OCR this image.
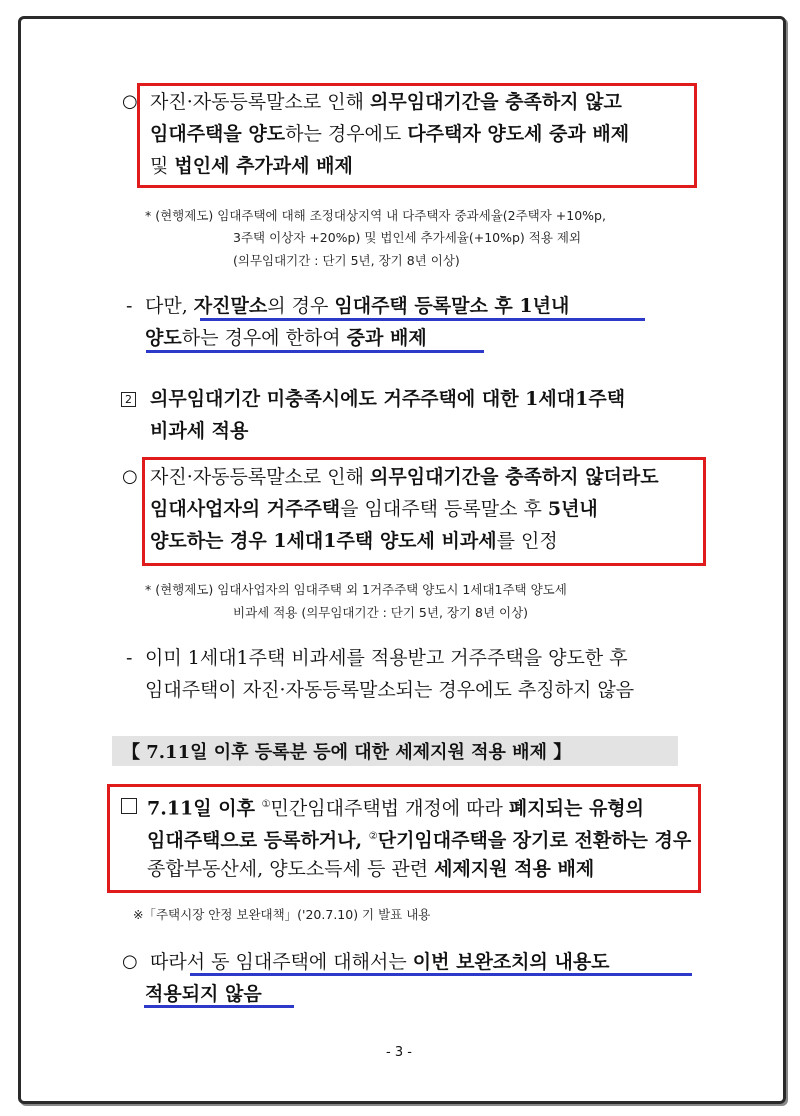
○ 자진·자동등록말소로 인해 의무임대기간을 충족하지 않고
임대주택을 양도하는 경우에도 다주택자 양도세 중과 배제
및 법인세 추가과세 배제
* (현행제도) 임대주택에 대해 조정대상지역 내 다주택자 중과세율(2주택자 +10%p,
3주택 이상자 +20%p) 및 법인세 추가세율(+10%p) 적용 제외
(의무임대기간 : 단기 5년, 장기 8년 이상)
- 다만, 자진말소의 경우 임대주택 등록말소 후 1년내
양도하는 경우에 한하여 중과 배제
2 의무임대기간 미충족시에도 거주주택에 대한 1세대1주택
비과세 적용
○ 자진·자동등록말소로 인해 의무임대기간을 충족하지 않더라도
임대사업자의 거주주택을 임대주택 등록말소 후 5년내
양도하는 경우 1세대1주택 양도세 비과세를 인정
* (현행제도) 임대사업자의 임대주택 외 1거주주택 양도시 1세대1주택 양도세
비과세 적용 (의무임대기간 : 단기 5년, 장기 8년 이상)
- 이미 1세대1주택 비과세를 적용받고 거주주택을 양도한 후
임대주택이 자진·자동등록말소되는 경우에도 추징하지 않음
【 7.11일 이후 등록분 등에 대한 세제지원 적용 배제 】
7.11일 이후 ①민간임대주택법 개정에 따라 폐지되는 유형의
임대주택으로 등록하거나, ②단기임대주택을 장기로 전환하는 경우
종합부동산세, 양도소득세 등 관련 세제지원 적용 배제
※「주택시장 안정 보완대책」('20.7.10) 기 발표 내용
○ 따라서 동 임대주택에 대해서는 이번 보완조치의 내용도
적용되지 않음
- 3 -
